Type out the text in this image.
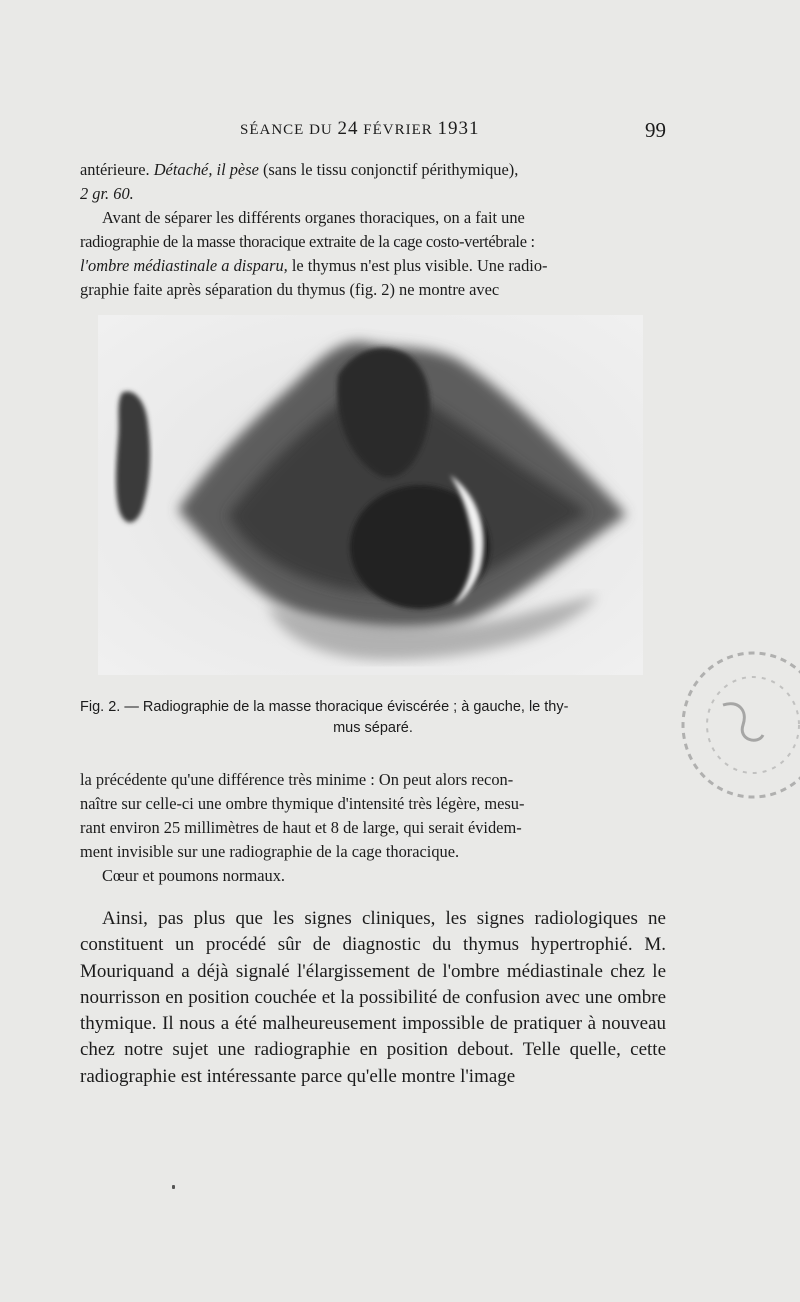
SÉANCE DU 24 FÉVRIER 1931	99

antérieure. Détaché, il pèse (sans le tissu conjonctif périthymique),

2 gr. 60.

Avant de séparer les différents organes thoraciques, on a fait une

radiographie de la masse thoracique extraite de la cage costo-vertébrale :

l'ombre médiastinale a disparu, le thymus n'est plus visible. Une radio-

graphie faite après séparation du thymus (fig. 2) ne montre avec

Fig. 2. — Radiographie de la masse thoracique éviscérée ; à gauche, le thy-

mus séparé.

la précédente qu'une différence très minime : On peut alors recon-

naître sur celle-ci une ombre thymique d'intensité très légère, mesu-

rant environ 25 millimètres de haut et 8 de large, qui serait évidem-

ment invisible sur une radiographie de la cage thoracique.

Cœur et poumons normaux.

Ainsi, pas plus que les signes cliniques, les signes radiologiques ne constituent un procédé sûr de diagnostic du thymus hypertrophié. M. Mouriquand a déjà signalé l'élargissement de l'ombre médiastinale chez le nourrisson en position couchée et la possibilité de confusion avec une ombre thymique. Il nous a été malheureusement impossible de pratiquer à nouveau chez notre sujet une radiographie en position debout. Telle quelle, cette radiographie est intéressante parce qu'elle montre l'image
